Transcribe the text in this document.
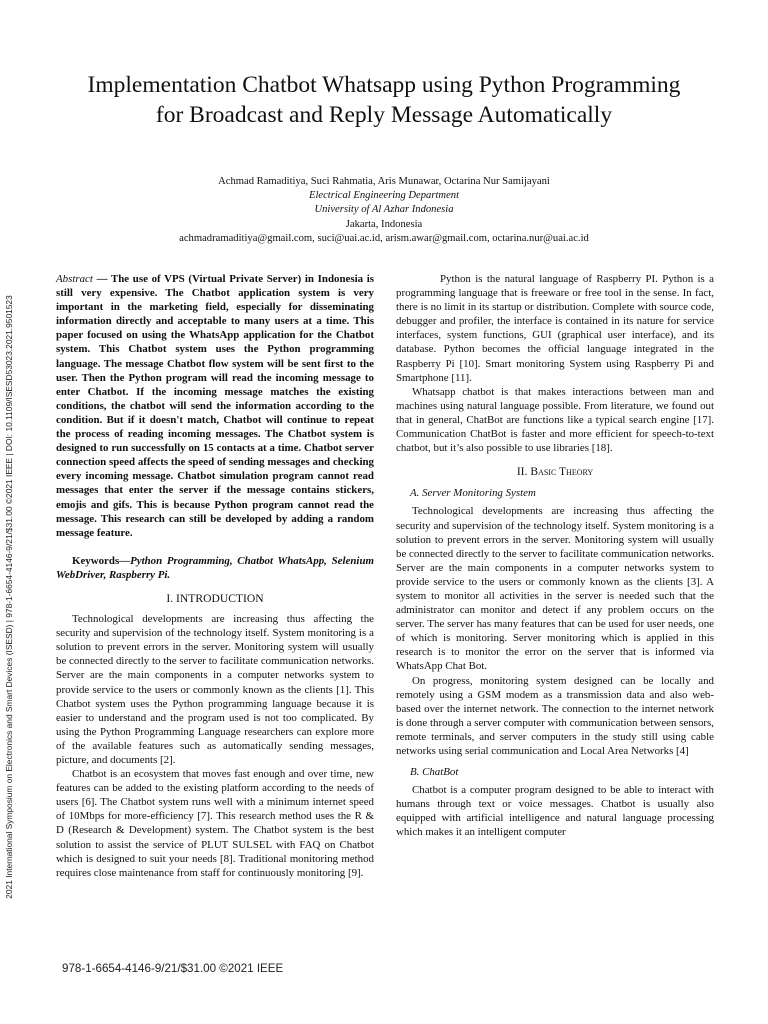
Implementation Chatbot Whatsapp using Python Programming
for Broadcast and Reply Message Automatically
Achmad Ramaditiya, Suci Rahmatia, Aris Munawar, Octarina Nur Samijayani
Electrical Engineering Department
University of Al Azhar Indonesia
Jakarta, Indonesia
achmadramaditiya@gmail.com, suci@uai.ac.id, arism.awar@gmail.com, octarina.nur@uai.ac.id
2021 International Symposium on Electronics and Smart Devices (ISESD) | 978-1-6654-4146-9/21/$31.00 ©2021 IEEE | DOI: 10.1109/ISESD53023.2021.9501523

Abstract — The use of VPS (Virtual Private Server) in Indonesia is still very expensive. The Chatbot application system is very important in the marketing field, especially for disseminating information directly and acceptable to many users at a time. This paper focused on using the WhatsApp application for the Chatbot system. This Chatbot system uses the Python programming language. The message Chatbot flow system will be sent first to the user. Then the Python program will read the incoming message to enter Chatbot. If the incoming message matches the existing conditions, the chatbot will send the information according to the condition. But if it doesn't match, Chatbot will continue to repeat the process of reading incoming messages. The Chatbot system is designed to run successfully on 15 contacts at a time. Chatbot server connection speed affects the speed of sending messages and checking every incoming message. Chatbot simulation program cannot read messages that enter the server if the message contains stickers, emojis and gifs. This is because Python program cannot read the message. This research can still be developed by adding a random message feature.

Keywords—Python Programming, Chatbot WhatsApp, Selenium WebDriver, Raspberry Pi.

I. INTRODUCTION

Technological developments are increasing thus affecting the security and supervision of the technology itself. System monitoring is a solution to prevent errors in the server. Monitoring system will usually be connected directly to the server to facilitate communication networks. Server are the main components in a computer networks system to provide service to the users or commonly known as the clients [1]. This Chatbot system uses the Python programming language because it is easier to understand and the program used is not too complicated. By using the Python Programming Language researchers can explore more of the available features such as automatically sending messages, picture, and documents [2].

Chatbot is an ecosystem that moves fast enough and over time, new features can be added to the existing platform according to the needs of users [6]. The Chatbot system runs well with a minimum internet speed of 10Mbps for more-efficiency [7]. This research method uses the R & D (Research & Development) system. The Chatbot system is the best solution to assist the service of PLUT SULSEL with FAQ on Chatbot which is designed to suit your needs [8]. Traditional monitoring method requires close maintenance from staff for continuously monitoring [9].

Python is the natural language of Raspberry PI. Python is a programming language that is freeware or free tool in the sense. In fact, there is no limit in its startup or distribution. Complete with source code, debugger and profiler, the interface is contained in its nature for service interfaces, system functions, GUI (graphical user interface), and its database. Python becomes the official language integrated in the Raspberry Pi [10]. Smart monitoring System using Raspberry Pi and Smartphone [11].

Whatsapp chatbot is that makes interactions between man and machines using natural language possible. From literature, we found out that in general, ChatBot are functions like a typical search engine [17]. Communication ChatBot is faster and more efficient for speech-to-text chatbot, but it’s also possible to use libraries [18].

II. Basic Theory
A. Server Monitoring System

Technological developments are increasing thus affecting the security and supervision of the technology itself. System monitoring is a solution to prevent errors in the server. Monitoring system will usually be connected directly to the server to facilitate communication networks. Server are the main components in a computer networks system to provide service to the users or commonly known as the clients [3]. A system to monitor all activities in the server is needed such that the administrator can monitor and detect if any problem occurs on the server. The server has many features that can be used for user needs, one of which is monitoring. Server monitoring which is applied in this research is to monitor the error on the server that is informed via WhatsApp Chat Bot.

On progress, monitoring system designed can be locally and remotely using a GSM modem as a transmission data and also web-based over the internet network. The connection to the internet network is done through a server computer with communication between sensors, remote terminals, and server computers in the study still using cable networks using serial communication and Local Area Networks [4]

B. ChatBot

Chatbot is a computer program designed to be able to interact with humans through text or voice messages. Chatbot is usually also equipped with artificial intelligence and natural language processing which makes it an intelligent computer

978-1-6654-4146-9/21/$31.00 ©2021 IEEE
